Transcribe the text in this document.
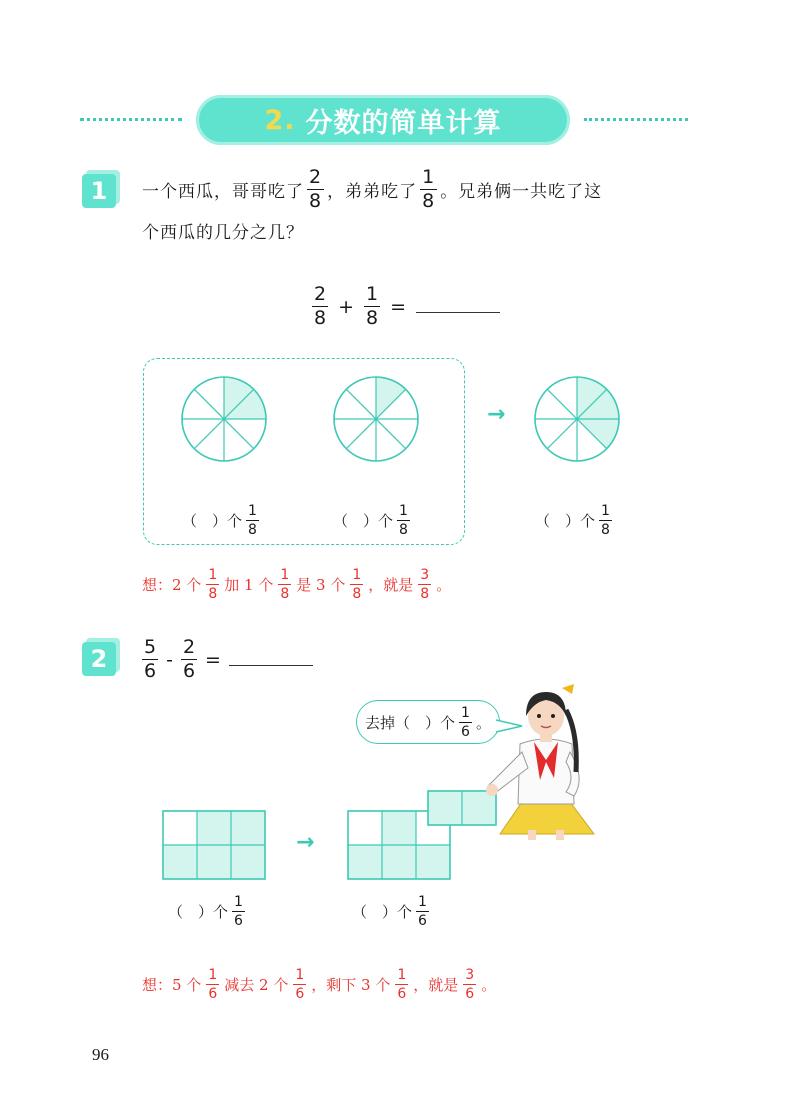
2. 分数的简单计算
1 一个西瓜，哥哥吃了 $\frac{2}{8}$ ，弟弟吃了 $\frac{1}{8}$ 。兄弟俩一共吃了这
个西瓜的几分之几？
$\frac{2}{8} + \frac{1}{8}$ =
→
（　）个 $\frac{1}{8}$	（　）个 $\frac{1}{8}$	（　）个 $\frac{1}{8}$
想：2 个 $\frac{1}{8}$ 加 1 个 $\frac{1}{8}$ 是 3 个 $\frac{1}{8}$ ，就是 $\frac{3}{8}$ 。
$2 \frac{5}{6} - \frac{2}{6}$ =
去掉（　）个 $\frac{1}{6}$ 。
→
（　）个 $\frac{1}{6}$	（　）个 $\frac{1}{6}$
想：5 个 $\frac{1}{6}$ 减去 2 个 $\frac{1}{6}$ ，剩下 3 个 $\frac{1}{6}$ ，就是 $\frac{3}{6}$ 。
96
